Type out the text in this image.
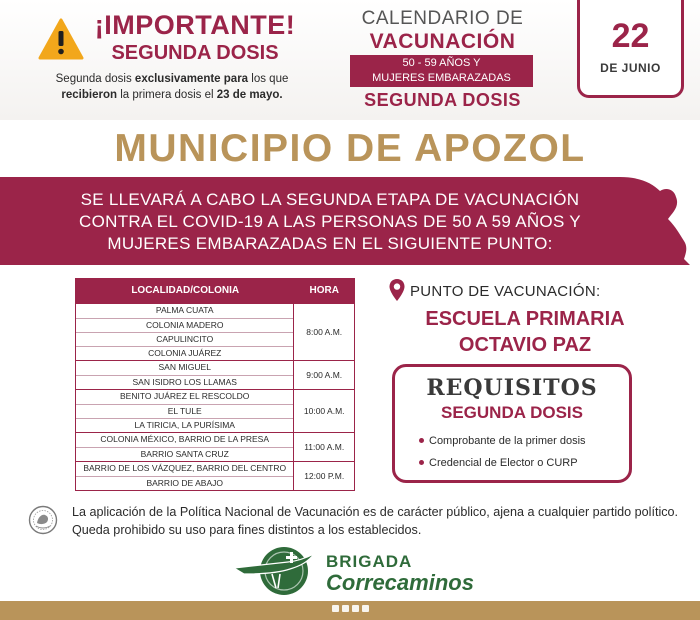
¡IMPORTANTE!
SEGUNDA DOSIS
Segunda dosis exclusivamente para los que
recibieron la primera dosis el 23 de mayo.
CALENDARIO DE
VACUNACIÓN
50 - 59 AÑOS Y
MUJERES EMBARAZADAS
SEGUNDA DOSIS
22
DE JUNIO
MUNICIPIO DE APOZOL
SE LLEVARÁ A CABO LA SEGUNDA ETAPA DE VACUNACIÓN
CONTRA EL COVID-19 A LAS PERSONAS DE 50 A 59 AÑOS Y
MUJERES EMBARAZADAS EN EL SIGUIENTE PUNTO:
LOCALIDAD/COLONIA	HORA
PALMA CUATA
COLONIA MADERO
CAPULINCITO
COLONIA JUÁREZ
8:00 A.M.
SAN MIGUEL
SAN ISIDRO LOS LLAMAS
9:00 A.M.
BENITO JUÁREZ EL RESCOLDO
EL TULE
LA TIRICIA, LA PURÍSIMA
10:00 A.M.
COLONIA MÉXICO, BARRIO DE LA PRESA
BARRIO SANTA CRUZ
11:00 A.M.
BARRIO DE LOS VÁZQUEZ, BARRIO DEL CENTRO
BARRIO DE ABAJO
12:00 P.M.
PUNTO DE VACUNACIÓN:
ESCUELA PRIMARIA
OCTAVIO PAZ
REQUISITOS
SEGUNDA DOSIS
Comprobante de la primer dosis
Credencial de Elector o CURP
La aplicación de la Política Nacional de Vacunación es de carácter público, ajena a cualquier partido político. Queda prohibido su uso para fines distintos a los establecidos.
BRIGADA
Correcaminos
